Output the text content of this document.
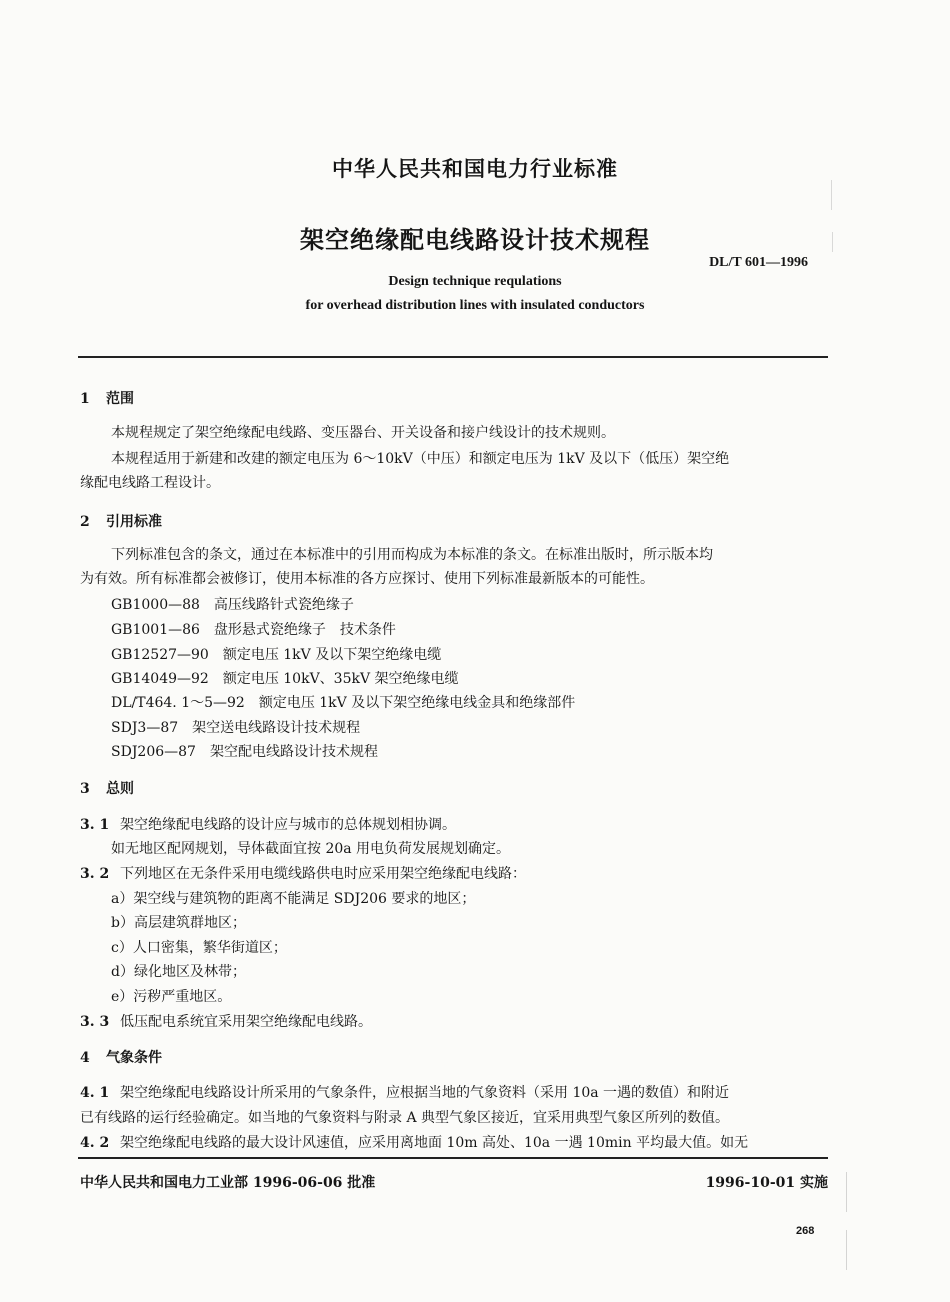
中华人民共和国电力行业标准
架空绝缘配电线路设计技术规程
DL/T 601—1996
Design technique requlations
for overhead distribution lines with insulated conductors
1 范围
本规程规定了架空绝缘配电线路、变压器台、开关设备和接户线设计的技术规则。
本规程适用于新建和改建的额定电压为 6～10kV（中压）和额定电压为 1kV 及以下（低压）架空绝
缘配电线路工程设计。
2 引用标准
下列标准包含的条文，通过在本标准中的引用而构成为本标准的条文。在标准出版时，所示版本均
为有效。所有标准都会被修订，使用本标准的各方应探讨、使用下列标准最新版本的可能性。
GB1000—88　高压线路针式瓷绝缘子
GB1001—86　盘形悬式瓷绝缘子　技术条件
GB12527—90　额定电压 1kV 及以下架空绝缘电缆
GB14049—92　额定电压 10kV、35kV 架空绝缘电缆
DL/T464. 1～5—92　额定电压 1kV 及以下架空绝缘电线金具和绝缘部件
SDJ3—87　架空送电线路设计技术规程
SDJ206—87　架空配电线路设计技术规程
3 总则
3. 1 架空绝缘配电线路的设计应与城市的总体规划相协调。
如无地区配网规划，导体截面宜按 20a 用电负荷发展规划确定。
3. 2 下列地区在无条件采用电缆线路供电时应采用架空绝缘配电线路：
a）架空线与建筑物的距离不能满足 SDJ206 要求的地区；
b）高层建筑群地区；
c）人口密集，繁华街道区；
d）绿化地区及林带；
e）污秽严重地区。
3. 3 低压配电系统宜采用架空绝缘配电线路。
4 气象条件
4. 1 架空绝缘配电线路设计所采用的气象条件，应根据当地的气象资料（采用 10a 一遇的数值）和附近
已有线路的运行经验确定。如当地的气象资料与附录 A 典型气象区接近，宜采用典型气象区所列的数值。
4. 2 架空绝缘配电线路的最大设计风速值，应采用离地面 10m 高处、10a 一遇 10min 平均最大值。如无
中华人民共和国电力工业部 1996-06-06 批准	1996-10-01 实施
268
